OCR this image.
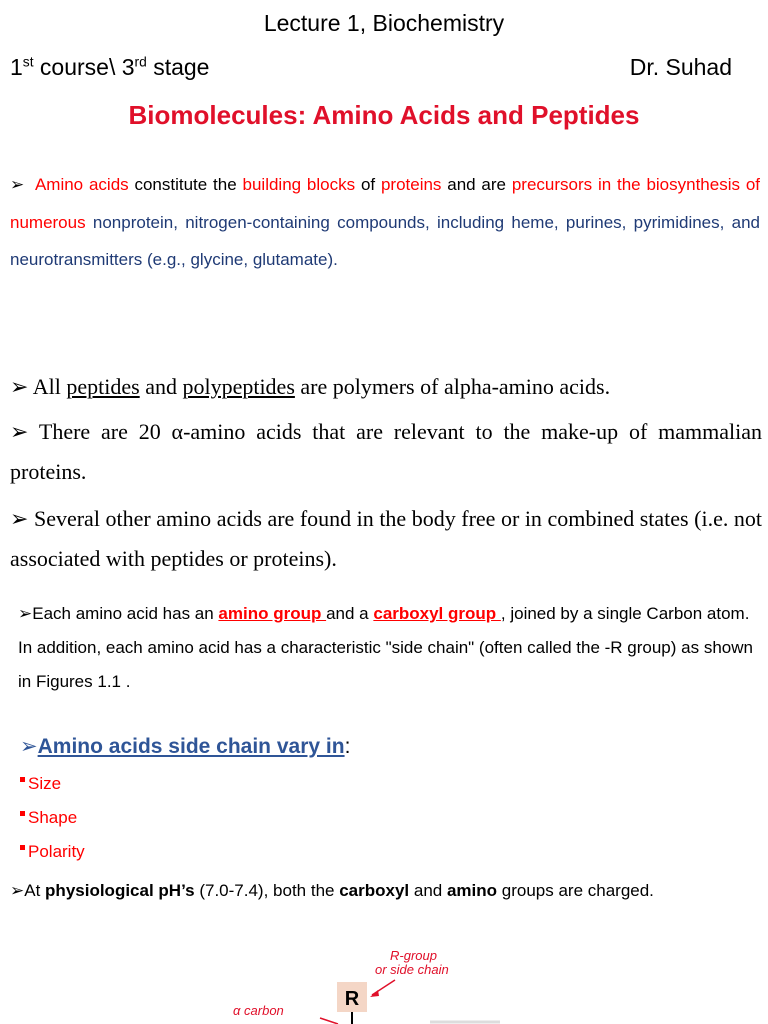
Lecture 1, Biochemistry
1st course\ 3rd stage	Dr. Suhad
Biomolecules: Amino Acids and Peptides
➢ Amino acids constitute the building blocks of proteins and are precursors in the biosynthesis of numerous nonprotein, nitrogen-containing compounds, including heme, purines, pyrimidines, and neurotransmitters (e.g., glycine, glutamate).
➢ All peptides and polypeptides are polymers of alpha-amino acids.
➢ There are 20 α-amino acids that are relevant to the make-up of mammalian proteins.
➢ Several other amino acids are found in the body free or in combined states (i.e. not associated with peptides or proteins).
➢Each amino acid has an amino group and a carboxyl group , joined by a single Carbon atom. In addition, each amino acid has a characteristic "side chain" (often called the -R group) as shown in Figures 1.1 .
➢Amino acids side chain vary in:
Size
Shape
Polarity
➢At physiological pH’s (7.0-7.4), both the carboxyl and amino groups are charged.
R-group
or side chain
R
α carbon
